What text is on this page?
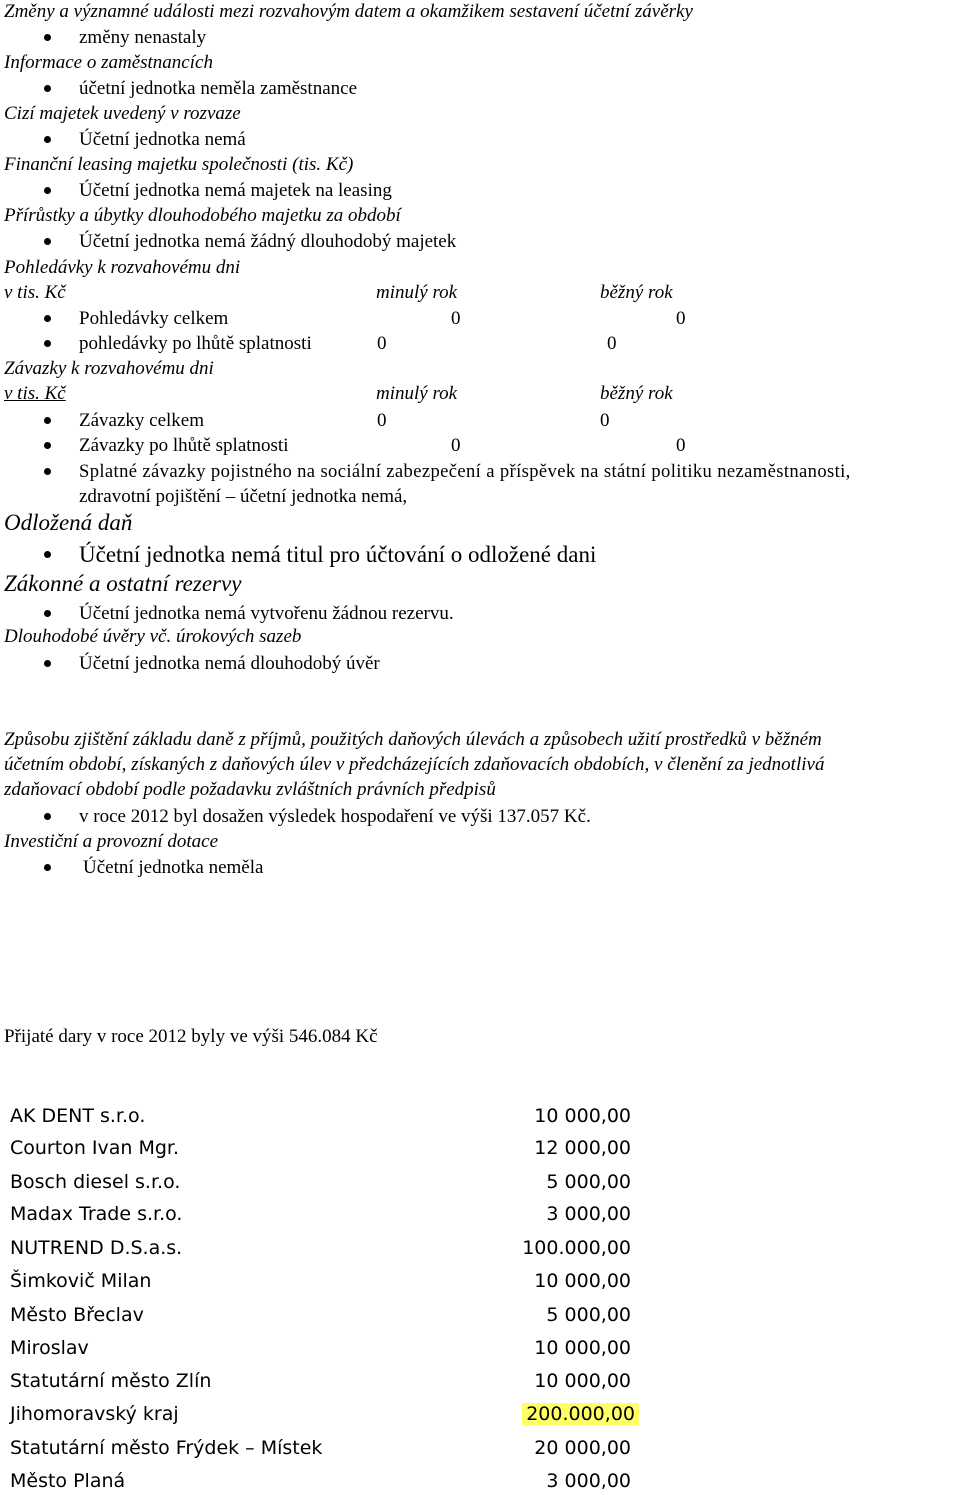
Změny a významné události mezi rozvahovým datem a okamžikem sestavení účetní závěrky
změny nenastaly
Informace o zaměstnancích
účetní jednotka neměla zaměstnance
Cizí majetek uvedený v rozvaze
Účetní jednotka nemá
Finanční leasing majetku společnosti (tis. Kč)
Účetní jednotka nemá majetek na leasing
Přírůstky a úbytky dlouhodobého majetku za období
Účetní jednotka nemá žádný dlouhodobý majetek
Pohledávky k rozvahovému dni
v tis. Kč	minulý rok	běžný rok
Pohledávky celkem	0	0
pohledávky po lhůtě splatnosti	0	0
Závazky k rozvahovému dni
v tis. Kč	minulý rok	běžný rok
Závazky celkem	0	0
Závazky po lhůtě splatnosti	0	0
Splatné závazky pojistného na sociální zabezpečení a příspěvek na státní politiku nezaměstnanosti,
zdravotní pojištění – účetní jednotka nemá,
Odložená daň
Účetní jednotka nemá titul pro účtování o odložené dani
Zákonné a ostatní rezervy
Účetní jednotka nemá vytvořenu žádnou rezervu.
Dlouhodobé úvěry vč. úrokových sazeb
Účetní jednotka nemá dlouhodobý úvěr
Způsobu zjištění základu daně z příjmů, použitých daňových úlevách a způsobech užití prostředků v běžném
účetním období, získaných z daňových úlev v předcházejících zdaňovacích obdobích, v členění za jednotlivá
zdaňovací období podle požadavku zvláštních právních předpisů
v roce 2012 byl dosažen výsledek hospodaření ve výši 137.057 Kč.
Investiční a provozní dotace
Účetní jednotka neměla
Přijaté dary v roce 2012 byly ve výši 546.084 Kč
AK DENT s.r.o.	10 000,00
Courton Ivan Mgr.	12 000,00
Bosch diesel s.r.o.	5 000,00
Madax Trade s.r.o.	3 000,00
NUTREND D.S.a.s.	100.000,00
Šimkovič Milan	10 000,00
Město Břeclav	5 000,00
Miroslav	10 000,00
Statutární město Zlín	10 000,00
Jihomoravský kraj	200.000,00
Statutární město Frýdek – Místek	20 000,00
Město Planá	3 000,00
